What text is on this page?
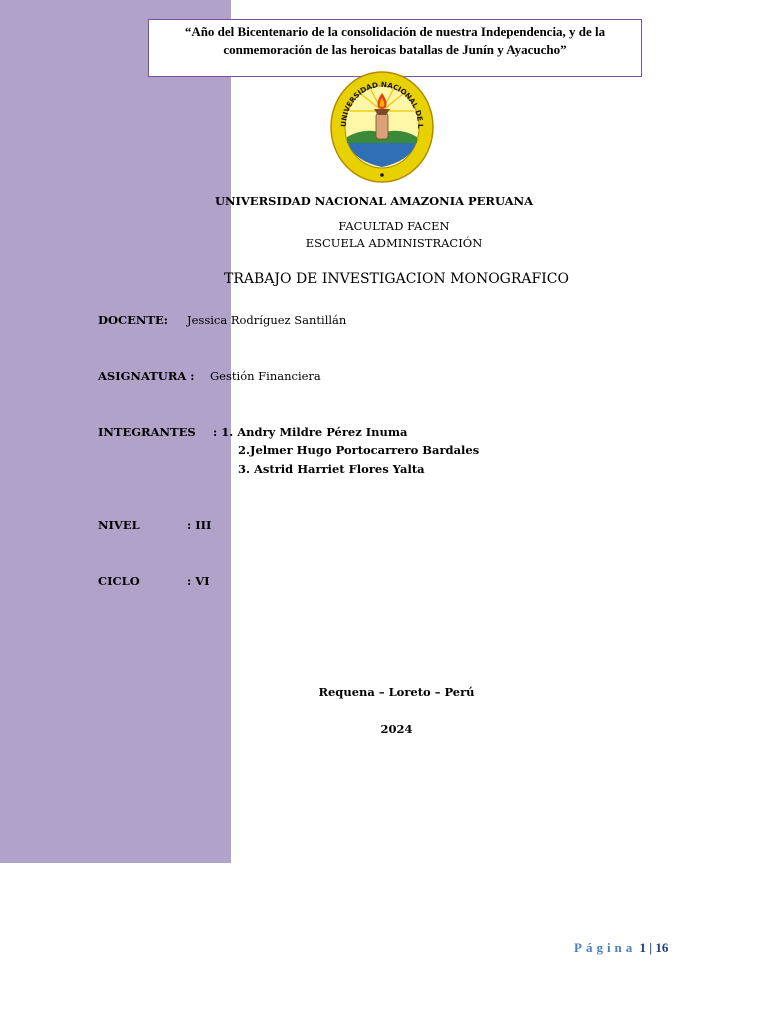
“Año del Bicentenario de la consolidación de nuestra Independencia, y de la
conmemoración de las heroicas batallas de Junín y Ayacucho”
UNIVERSIDAD NACIONAL DE L
UNIVERSIDAD NACIONAL AMAZONIA PERUANA
FACULTAD FACEN
ESCUELA ADMINISTRACIÓN
TRABAJO DE INVESTIGACION MONOGRAFICO
DOCENTE: Jessica Rodríguez Santillán
ASIGNATURA : Gestión Financiera
INTEGRANTES : 1. Andry Mildre Pérez Inuma
2.Jelmer Hugo Portocarrero Bardales
3. Astrid Harriet Flores Yalta
NIVEL	: III
CICLO	: VI
Requena – Loreto – Perú
2024
Página 1 | 16
